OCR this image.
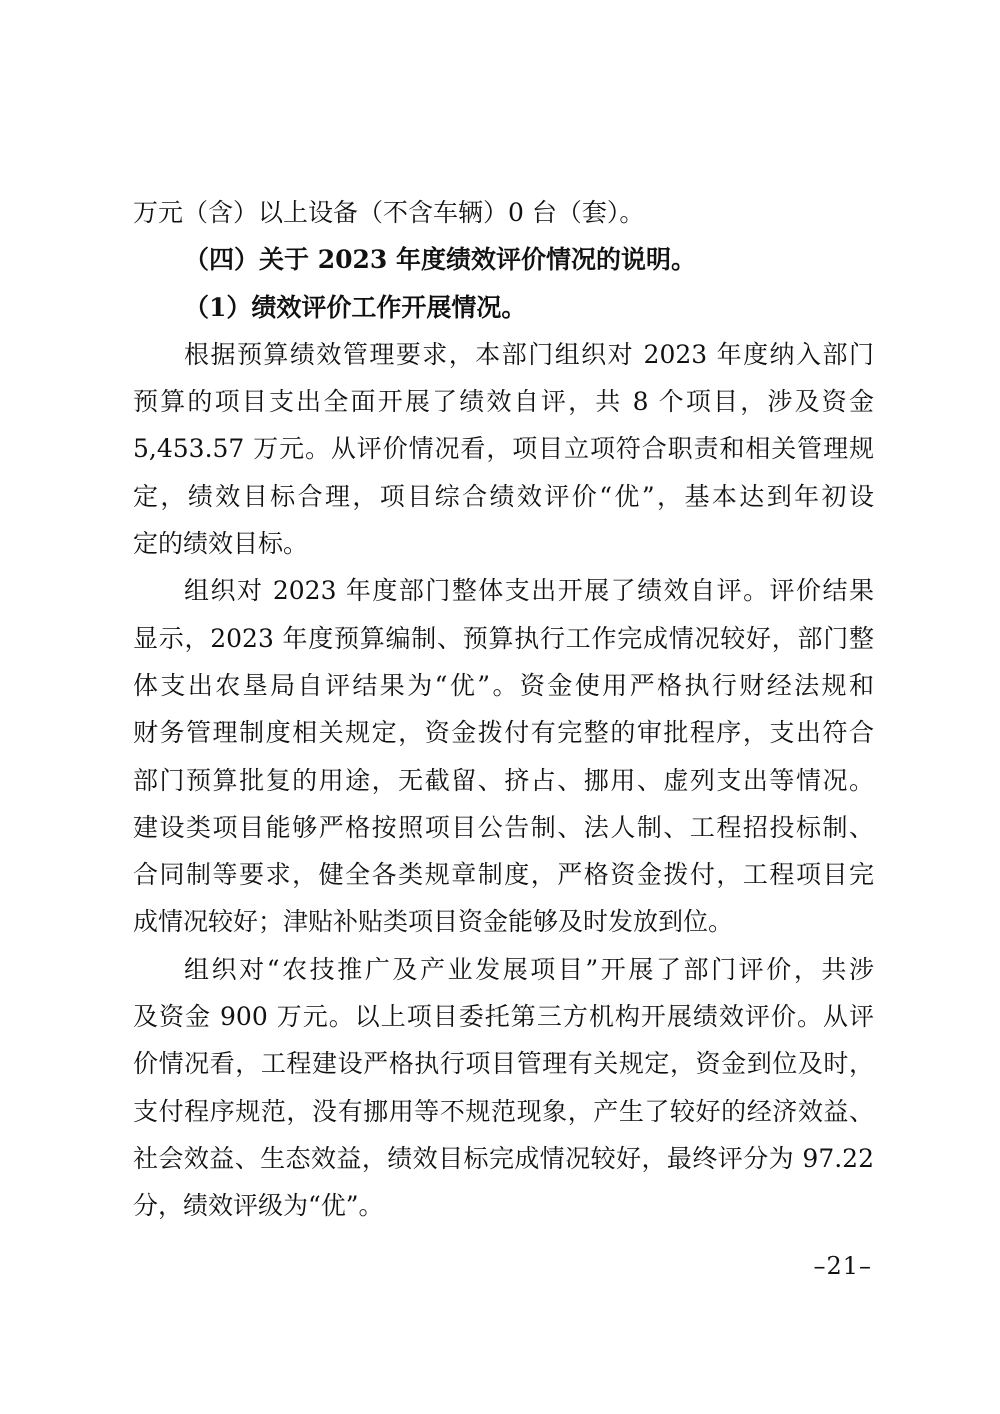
万元（含）以上设备（不含车辆）0 台（套）。
（四）关于 2023 年度绩效评价情况的说明。
（1）绩效评价工作开展情况。
根据预算绩效管理要求，本部门组织对 2023 年度纳入部门
预算的项目支出全面开展了绩效自评，共 8 个项目，涉及资金
5,453.57 万元。从评价情况看，项目立项符合职责和相关管理规
定，绩效目标合理，项目综合绩效评价“优”，基本达到年初设
定的绩效目标。
组织对 2023 年度部门整体支出开展了绩效自评。评价结果
显示，2023 年度预算编制、预算执行工作完成情况较好，部门整
体支出农垦局自评结果为“优”。资金使用严格执行财经法规和
财务管理制度相关规定，资金拨付有完整的审批程序，支出符合
部门预算批复的用途，无截留、挤占、挪用、虚列支出等情况。
建设类项目能够严格按照项目公告制、法人制、工程招投标制、
合同制等要求，健全各类规章制度，严格资金拨付，工程项目完
成情况较好；津贴补贴类项目资金能够及时发放到位。
组织对“农技推广及产业发展项目”开展了部门评价，共涉
及资金 900 万元。以上项目委托第三方机构开展绩效评价。从评
价情况看，工程建设严格执行项目管理有关规定，资金到位及时，
支付程序规范，没有挪用等不规范现象，产生了较好的经济效益、
社会效益、生态效益，绩效目标完成情况较好，最终评分为 97.22
分，绩效评级为“优”。
–21–
